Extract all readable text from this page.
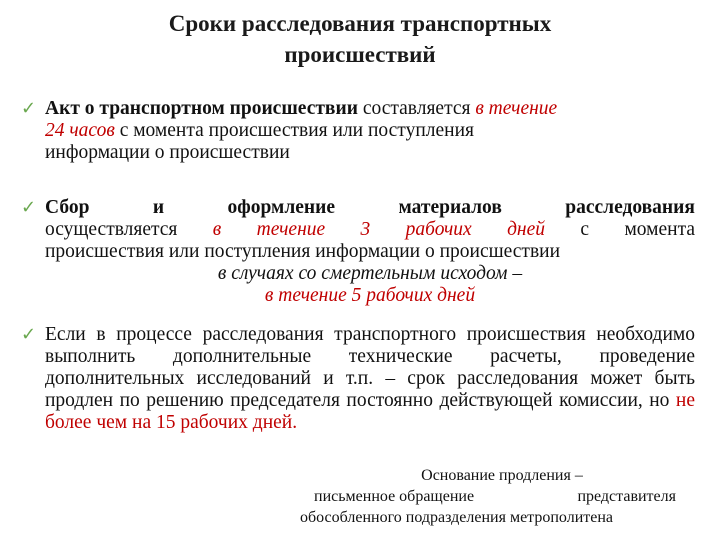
Сроки расследования транспортных
происшествий
✓ Акт о транспортном происшествии составляется в течение
24 часов с момента происшествия или поступления
информации о происшествии
✓ Сбор	и	оформление	материалов	расследования
осуществляется в течение 3 рабочих дней с момента
происшествия или поступления информации о происшествии
в случаях со смертельным исходом –
в течение 5 рабочих дней
✓ Если в процессе расследования транспортного происшествия необходимо выполнить дополнительные технические расчеты, проведение дополнительных исследований и т.п. – срок расследования может быть продлен по решению председателя постоянно действующей комиссии, но не более чем на 15 рабочих дней.
Основание продления –
письменное обращение	представителя
обособленного подразделения метрополитена
